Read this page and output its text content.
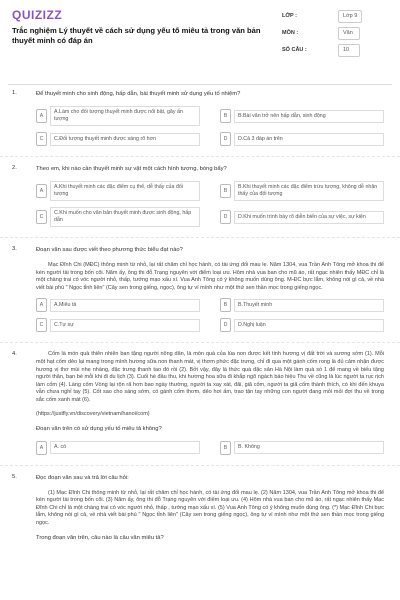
QUIZIZZ
Trắc nghiệm Lý thuyết về cách sử dụng yếu tố miêu tả trong văn bản thuyết minh có đáp án
LỚP :	Lớp 9
MÔN :	Văn
SỐ CÂU :	10
1.	Để thuyết minh cho sinh động, hấp dẫn, bài thuyết minh sử dụng yếu tố nhiệm?
A
A.Làm cho đối tượng thuyết minh được nổi bật, gây ấn tượng	B	B.Bài văn trở nên hấp dẫn, sinh động
C	C.Đối tượng thuyết minh được sáng rõ hơn	D	D.Cả 3 đáp án trên
2.	Theo em, khi nào cần thuyết minh sự vật một cách hình tượng, bóng bẩy?
A
A.Khi thuyết minh các đặc điểm cụ thể, dễ thấy của đối tượng	B
B.Khi thuyết minh các đặc điểm trừu tượng, không dễ nhận thấy của đối tượng
C
C.Khi muốn cho văn bản thuyết minh được sinh động, hấp dẫn	D	D.Khi muốn trình bày rõ diễn biến của sự việc, sự kiện
3.	Đoạn văn sau được viết theo phương thức biểu đạt nào?
Mạc Đĩnh Chi (MĐC) thông minh từ nhỏ, lại rất chăm chỉ học hành, có tài ứng đối mau lẹ. Năm 1304, vua Trần Anh Tông mở khoa thi để kén người tài trong bốn cõi. Năm ấy, ông thi đỗ Trạng nguyên với điểm loại ưu. Hôm nhà vua ban cho mũ áo, rất ngạc nhiên thấy MĐC chỉ là một chàng trai có vóc người nhỏ, thấp, tướng mạo xấu xí. Vua Anh Tông có ý không muốn dùng ông. M-ĐC bực lắm, không nói gì cả, về nhà viết bài phú " Ngọc tỉnh liên" (Cây sen trong giếng, ngọc), ông tự ví mình như một thứ sen thần mọc trong giếng ngọc.
A	A.Miêu tả	B	B.Thuyết minh
C	C.Tự sự	D	D.Nghị luận
4.	Cốm là món quà thiên nhiên ban tặng người nông dân, là món quà của lúa non được kết tinh hương vị đất trời và sương sớm (1). Mỗi một hạt cốm dẻo lại mang trong mình hương sữa non thanh mát, vị thơm phức đặc trưng, chỉ đi qua một gánh cốm rong là đủ cảm nhận được hương vị thơ mùi nhẹ nhàng, đặc trưng thanh tao đó rồi (2). Bởi vậy, đây là thức quà đặc sản Hà Nội làm quà só 1 để mang về biếu tặng người thân, bạn bè mỗi khi đi du lịch (3). Cuối hè đầu thu, khi hương hoa sữa đi khắp ngõ ngách báo hiệu Thu về cũng là lúc người ta rục rịch làm cốm (4). Làng cốm Vòng lại rộn rã hơn bao ngày thường, người ta xay xát, đãi, giã cốm, người ta giã cốm thành thích, có khi đến khuya vẫn chưa nghỉ tay (5). Cốt sao cho sáng sớm, có gánh cốm thơm, dẻo hơi ấm, trao tận tay những con người đang mỏi mỏi đợi thu về trong sắc cốm xanh mát (6).
(https://justfly.vn/discovery/vietnam/hanoi/com)
Đoạn văn trên có sử dụng yếu tố miêu tả không?
A	A. có	B	B. Không
5.	Đọc đoạn văn sau và trả lời câu hỏi:
(1) Mạc Đĩnh Chi thông minh từ nhỏ, lại rất chăm chỉ học hành, có tài ứng đối mau lẹ. (2) Năm 1304, vua Trần Anh Tông mở khoa thi để kén người tài trong bốn cõi. (3) Năm ấy, ông thi đỗ Trạng nguyên với điểm loại ưu. (4) Hôm nhà vua ban cho mũ áo, rất ngạc nhiên thấy Mạc Đĩnh Chi chỉ là một chàng trai có vóc người nhỏ, thấp , tướng mạo xấu xí. (5) Vua Anh Tông có ý không muốn dùng ông. (*) Mạc Đĩnh Chi bực lắm, không nói gì cả, về nhà viết bài phú " Ngọc tỉnh liên" (Cây sen trong giếng ngọc), ông tự ví mình như một thứ sen thần mọc trong giếng ngọc.
Trong đoạn văn trên, câu nào là câu văn miêu tả?
